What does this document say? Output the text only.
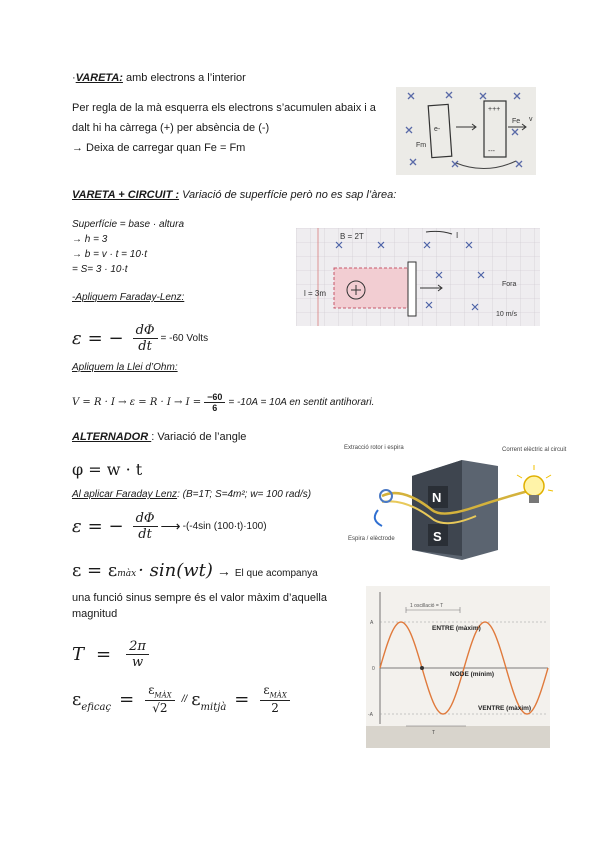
·VARETA: amb electrons a l’interior
Per regla de la mà esquerra els electrons s’acumulen abaix i a
dalt hi ha càrrega (+) per absència de (-)
→ Deixa de carregar quan Fe = Fm
+++
---
Fe
Fm
e-
v
VARETA + CIRCUIT : Variació de superfície però no es sap l’àrea:
Superfície = base · altura
→ h = 3
→ b = v · t = 10·t
= S= 3 · 10·t
-Apliquem Faraday-Lenz:
ε = − $\frac{d\Phi}{dt} = -60$ Volts
Apliquem la Llei d’Ohm:
$V = R \cdot I \to \varepsilon = R \cdot I \to I = \frac{-60}{6} = -10A = 10A$ en sentit antihorari.
B = 2T	I
l = 3m
10 m/s
Fora
ALTERNADOR : Variació de l’angle
φ = w · t
Al aplicar Faraday Lenz: (B=1T; S=4m²; w= 100 rad/s)
ε = − $\frac{d\Phi}{dt}$ ⟶ -(-4sin (100·t)·100)
ε = ε màx · sin(wt) → El que acompanya
una funció sinus sempre és el valor màxim d’aquella
magnitud
$T = \frac{2\pi}{w}$
$\varepsilon_{eficaç} = \frac{\varepsilon_{MÀX}}{√2} // \varepsilon_{mitjà} = \frac{\varepsilon_{MÀX}}{2}$
Extracció rotor i espira	Corrent elèctric al circuit
Espira / elèctrode
N
S
1 oscillació = T
A
0
-A
ENTRE (màxim)
NODE (mínim)
VENTRE (màxim)
T
